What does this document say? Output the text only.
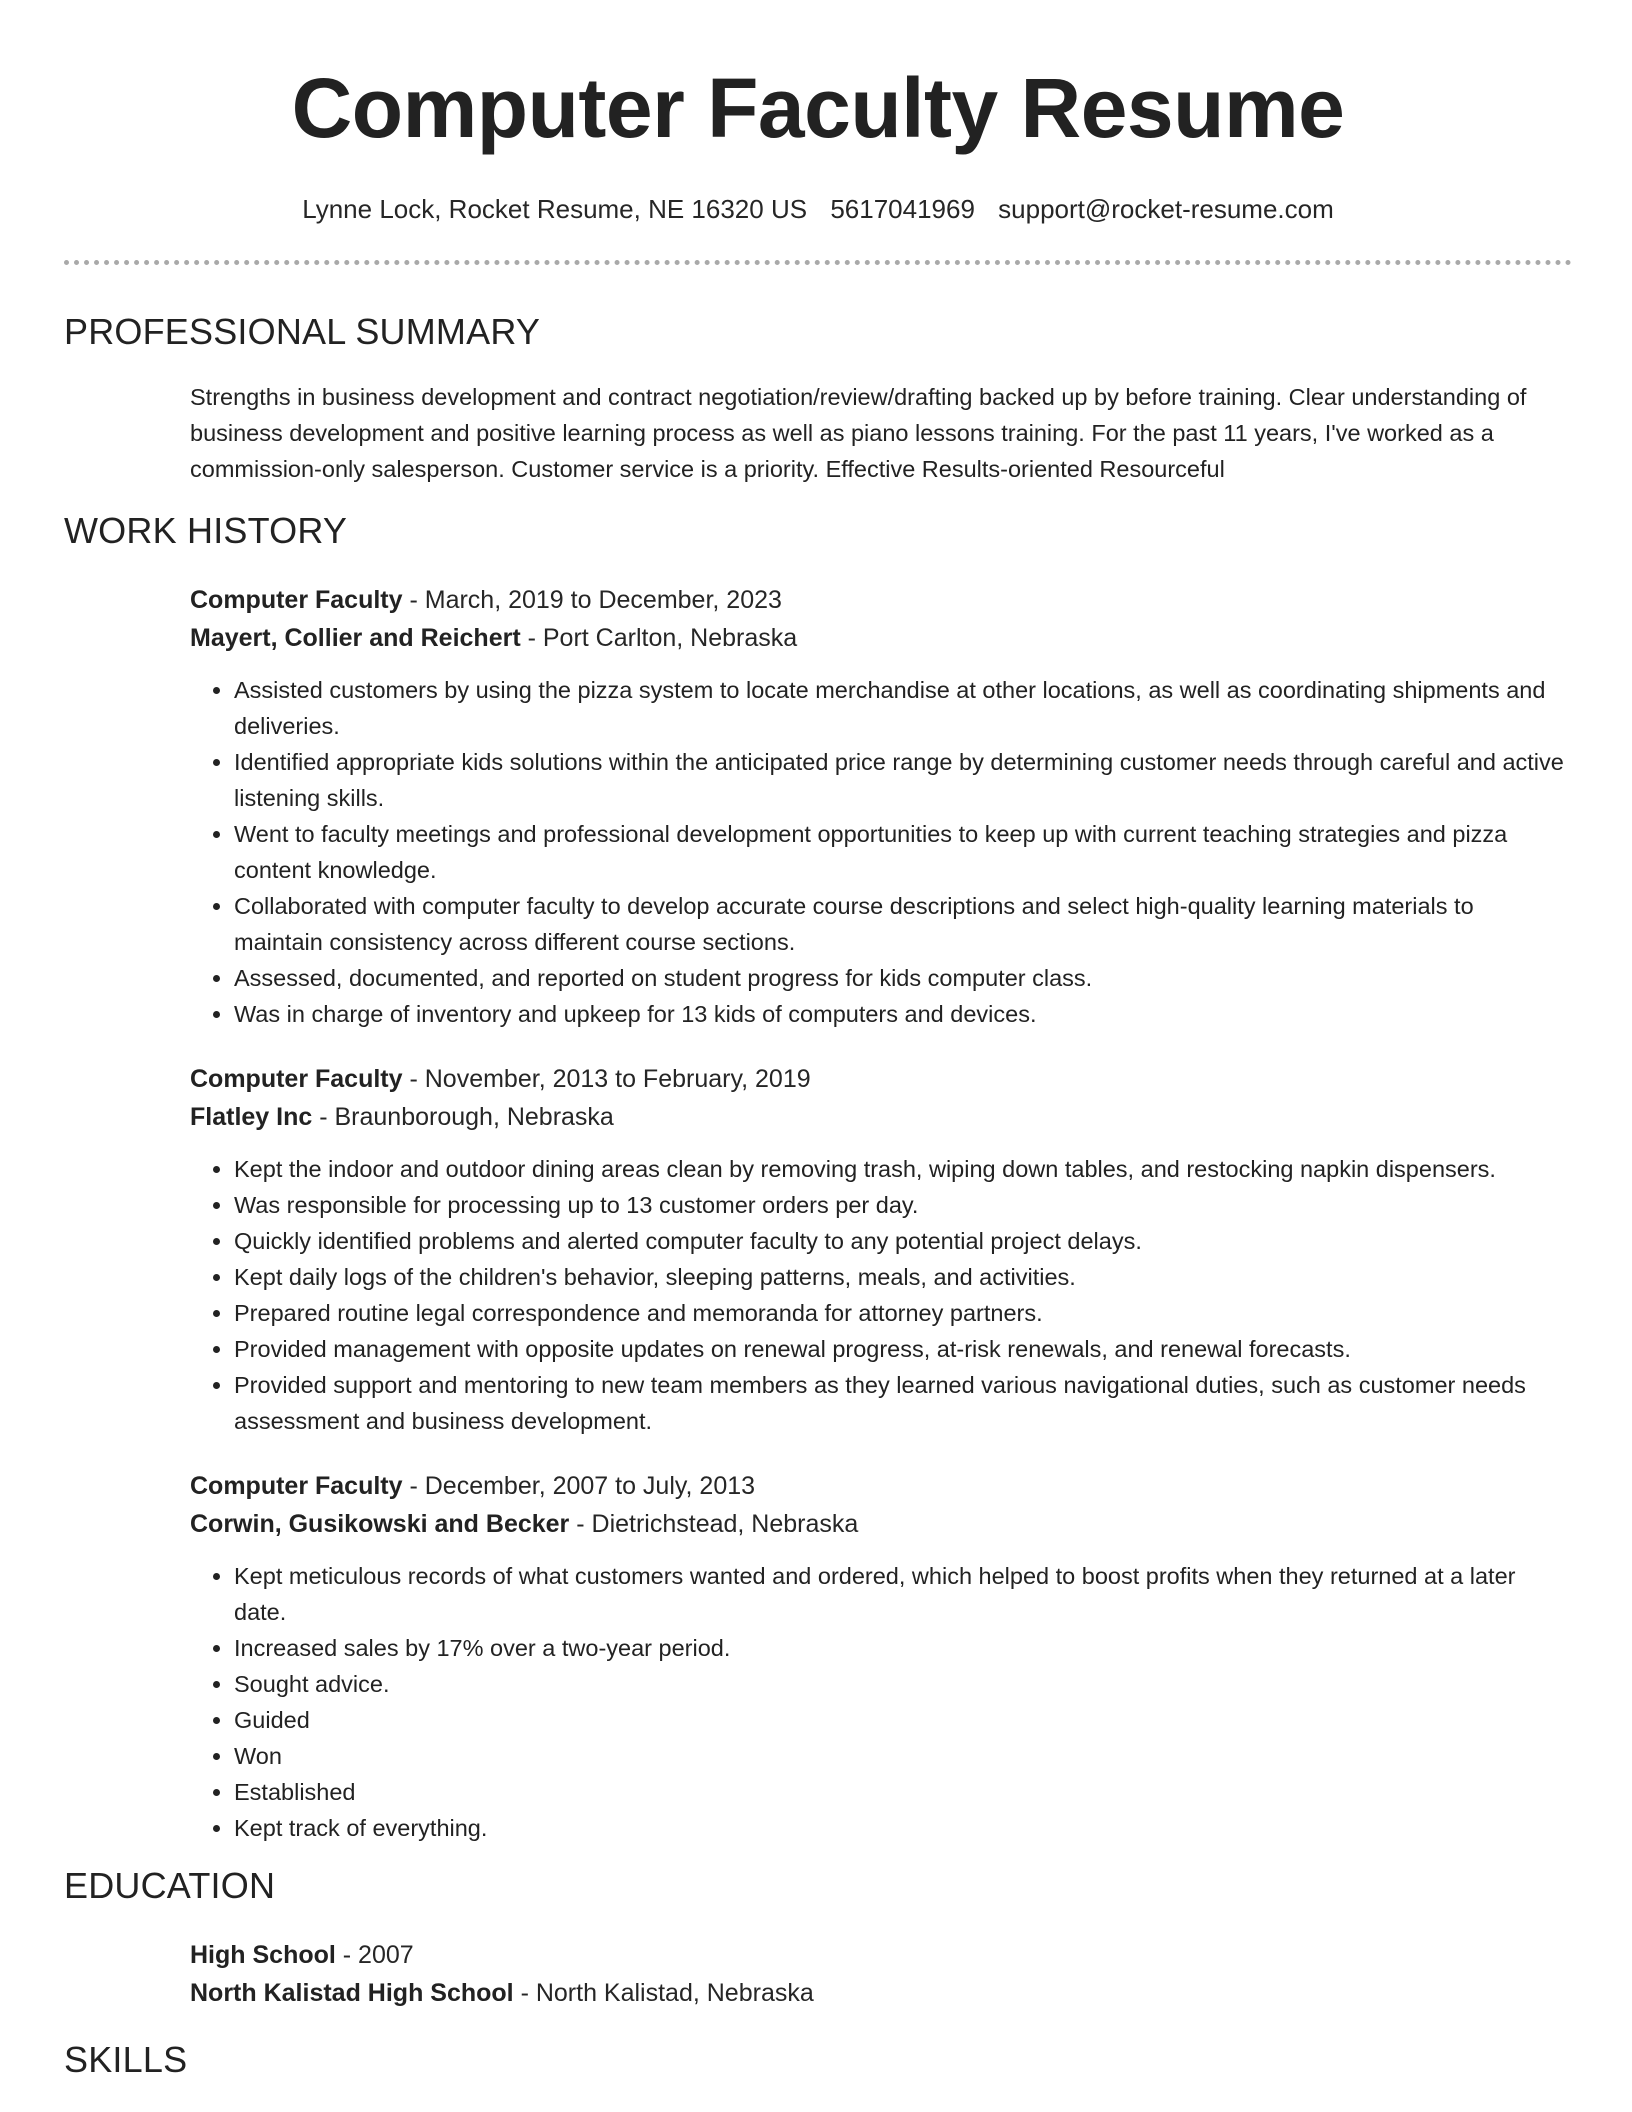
Computer Faculty Resume
Lynne Lock, Rocket Resume, NE 16320 US 5617041969 support@rocket-resume.com
PROFESSIONAL SUMMARY
Strengths in business development and contract negotiation/review/drafting backed up by before training. Clear understanding of business development and positive learning process as well as piano lessons training. For the past 11 years, I've worked as a commission-only salesperson. Customer service is a priority. Effective Results-oriented Resourceful
WORK HISTORY
Computer Faculty - March, 2019 to December, 2023
Mayert, Collier and Reichert - Port Carlton, Nebraska
• Assisted customers by using the pizza system to locate merchandise at other locations, as well as coordinating shipments and deliveries.
• Identified appropriate kids solutions within the anticipated price range by determining customer needs through careful and active listening skills.
• Went to faculty meetings and professional development opportunities to keep up with current teaching strategies and pizza content knowledge.
• Collaborated with computer faculty to develop accurate course descriptions and select high-quality learning materials to maintain consistency across different course sections.
• Assessed, documented, and reported on student progress for kids computer class.
• Was in charge of inventory and upkeep for 13 kids of computers and devices.
Computer Faculty - November, 2013 to February, 2019
Flatley Inc - Braunborough, Nebraska
• Kept the indoor and outdoor dining areas clean by removing trash, wiping down tables, and restocking napkin dispensers.
• Was responsible for processing up to 13 customer orders per day.
• Quickly identified problems and alerted computer faculty to any potential project delays.
• Kept daily logs of the children's behavior, sleeping patterns, meals, and activities.
• Prepared routine legal correspondence and memoranda for attorney partners.
• Provided management with opposite updates on renewal progress, at-risk renewals, and renewal forecasts.
• Provided support and mentoring to new team members as they learned various navigational duties, such as customer needs assessment and business development.
Computer Faculty - December, 2007 to July, 2013
Corwin, Gusikowski and Becker - Dietrichstead, Nebraska
• Kept meticulous records of what customers wanted and ordered, which helped to boost profits when they returned at a later date.
• Increased sales by 17% over a two-year period.
• Sought advice.
• Guided
• Won
• Established
• Kept track of everything.
EDUCATION
High School - 2007
North Kalistad High School - North Kalistad, Nebraska
SKILLS
